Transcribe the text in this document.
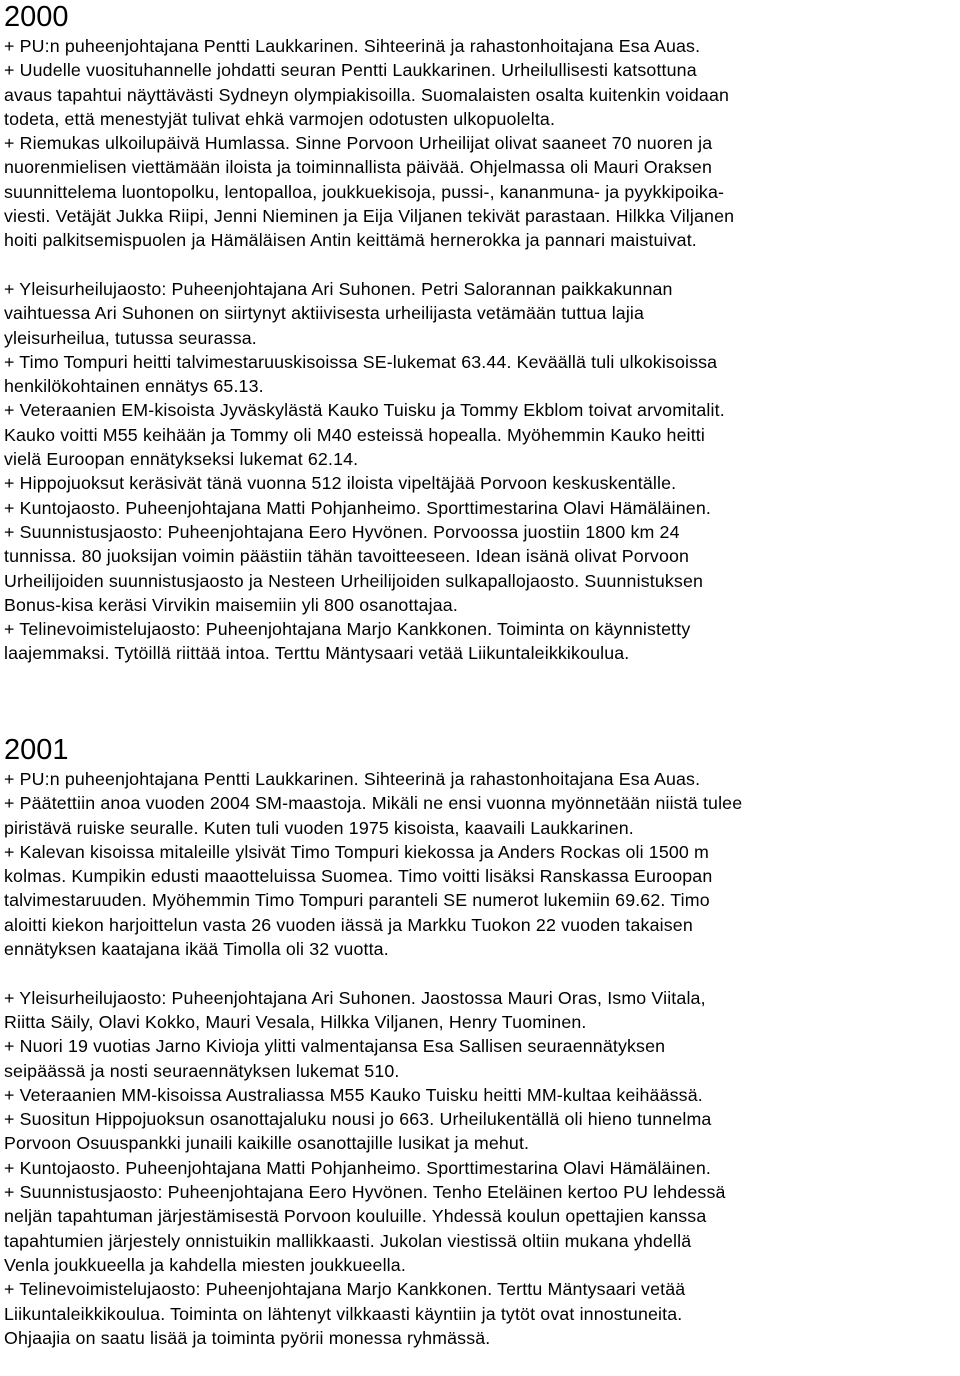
2000
+ PU:n puheenjohtajana Pentti Laukkarinen. Sihteerinä ja rahastonhoitajana Esa Auas.
+ Uudelle vuosituhannelle johdatti seuran Pentti Laukkarinen. Urheilullisesti katsottuna
avaus tapahtui näyttävästi Sydneyn olympiakisoilla. Suomalaisten osalta kuitenkin voidaan
todeta, että menestyjät tulivat ehkä varmojen odotusten ulkopuolelta.
+ Riemukas ulkoilupäivä Humlassa. Sinne Porvoon Urheilijat olivat saaneet 70 nuoren ja
nuorenmielisen viettämään iloista ja toiminnallista päivää. Ohjelmassa oli Mauri Oraksen
suunnittelema luontopolku, lentopalloa, joukkuekisoja, pussi-, kananmuna- ja pyykkipoika-
viesti. Vetäjät Jukka Riipi, Jenni Nieminen ja Eija Viljanen tekivät parastaan. Hilkka Viljanen
hoiti palkitsemispuolen ja Hämäläisen Antin keittämä hernerokka ja pannari maistuivat.
+ Yleisurheilujaosto: Puheenjohtajana Ari Suhonen. Petri Salorannan paikkakunnan
vaihtuessa Ari Suhonen on siirtynyt aktiivisesta urheilijasta vetämään tuttua lajia
yleisurheilua, tutussa seurassa.
+ Timo Tompuri heitti talvimestaruuskisoissa SE-lukemat 63.44. Keväällä tuli ulkokisoissa
henkilökohtainen ennätys 65.13.
+ Veteraanien EM-kisoista Jyväskylästä Kauko Tuisku ja Tommy Ekblom toivat arvomitalit.
Kauko voitti M55 keihään ja Tommy oli M40 esteissä hopealla. Myöhemmin Kauko heitti
vielä Euroopan ennätykseksi lukemat 62.14.
+ Hippojuoksut keräsivät tänä vuonna 512 iloista vipeltäjää Porvoon keskuskentälle.
+ Kuntojaosto. Puheenjohtajana Matti Pohjanheimo. Sporttimestarina Olavi Hämäläinen.
+ Suunnistusjaosto: Puheenjohtajana Eero Hyvönen. Porvoossa juostiin 1800 km 24
tunnissa. 80 juoksijan voimin päästiin tähän tavoitteeseen. Idean isänä olivat Porvoon
Urheilijoiden suunnistusjaosto ja Nesteen Urheilijoiden sulkapallojaosto. Suunnistuksen
Bonus-kisa keräsi Virvikin maisemiin yli 800 osanottajaa.
+ Telinevoimistelujaosto: Puheenjohtajana Marjo Kankkonen. Toiminta on käynnistetty
laajemmaksi. Tytöillä riittää intoa. Terttu Mäntysaari vetää Liikuntaleikkikoulua.
2001
+ PU:n puheenjohtajana Pentti Laukkarinen. Sihteerinä ja rahastonhoitajana Esa Auas.
+ Päätettiin anoa vuoden 2004 SM-maastoja. Mikäli ne ensi vuonna myönnetään niistä tulee
piristävä ruiske seuralle. Kuten tuli vuoden 1975 kisoista, kaavaili Laukkarinen.
+ Kalevan kisoissa mitaleille ylsivät Timo Tompuri kiekossa ja Anders Rockas oli 1500 m
kolmas. Kumpikin edusti maaotteluissa Suomea. Timo voitti lisäksi Ranskassa Euroopan
talvimestaruuden. Myöhemmin Timo Tompuri paranteli SE numerot lukemiin 69.62. Timo
aloitti kiekon harjoittelun vasta 26 vuoden iässä ja Markku Tuokon 22 vuoden takaisen
ennätyksen kaatajana ikää Timolla oli 32 vuotta.
+ Yleisurheilujaosto: Puheenjohtajana Ari Suhonen. Jaostossa Mauri Oras, Ismo Viitala,
Riitta Säily, Olavi Kokko, Mauri Vesala, Hilkka Viljanen, Henry Tuominen.
+ Nuori 19 vuotias Jarno Kivioja ylitti valmentajansa Esa Sallisen seuraennätyksen
seipäässä ja nosti seuraennätyksen lukemat 510.
+ Veteraanien MM-kisoissa Australiassa M55 Kauko Tuisku heitti MM-kultaa keihäässä.
+ Suositun Hippojuoksun osanottajaluku nousi jo 663. Urheilukentällä oli hieno tunnelma
Porvoon Osuuspankki junaili kaikille osanottajille lusikat ja mehut.
+ Kuntojaosto. Puheenjohtajana Matti Pohjanheimo. Sporttimestarina Olavi Hämäläinen.
+ Suunnistusjaosto: Puheenjohtajana Eero Hyvönen. Tenho Eteläinen kertoo PU lehdessä
neljän tapahtuman järjestämisestä Porvoon kouluille. Yhdessä koulun opettajien kanssa
tapahtumien järjestely onnistuikin mallikkaasti. Jukolan viestissä oltiin mukana yhdellä
Venla joukkueella ja kahdella miesten joukkueella.
+ Telinevoimistelujaosto: Puheenjohtajana Marjo Kankkonen. Terttu Mäntysaari vetää
Liikuntaleikkikoulua. Toiminta on lähtenyt vilkkaasti käyntiin ja tytöt ovat innostuneita.
Ohjaajia on saatu lisää ja toiminta pyörii monessa ryhmässä.
